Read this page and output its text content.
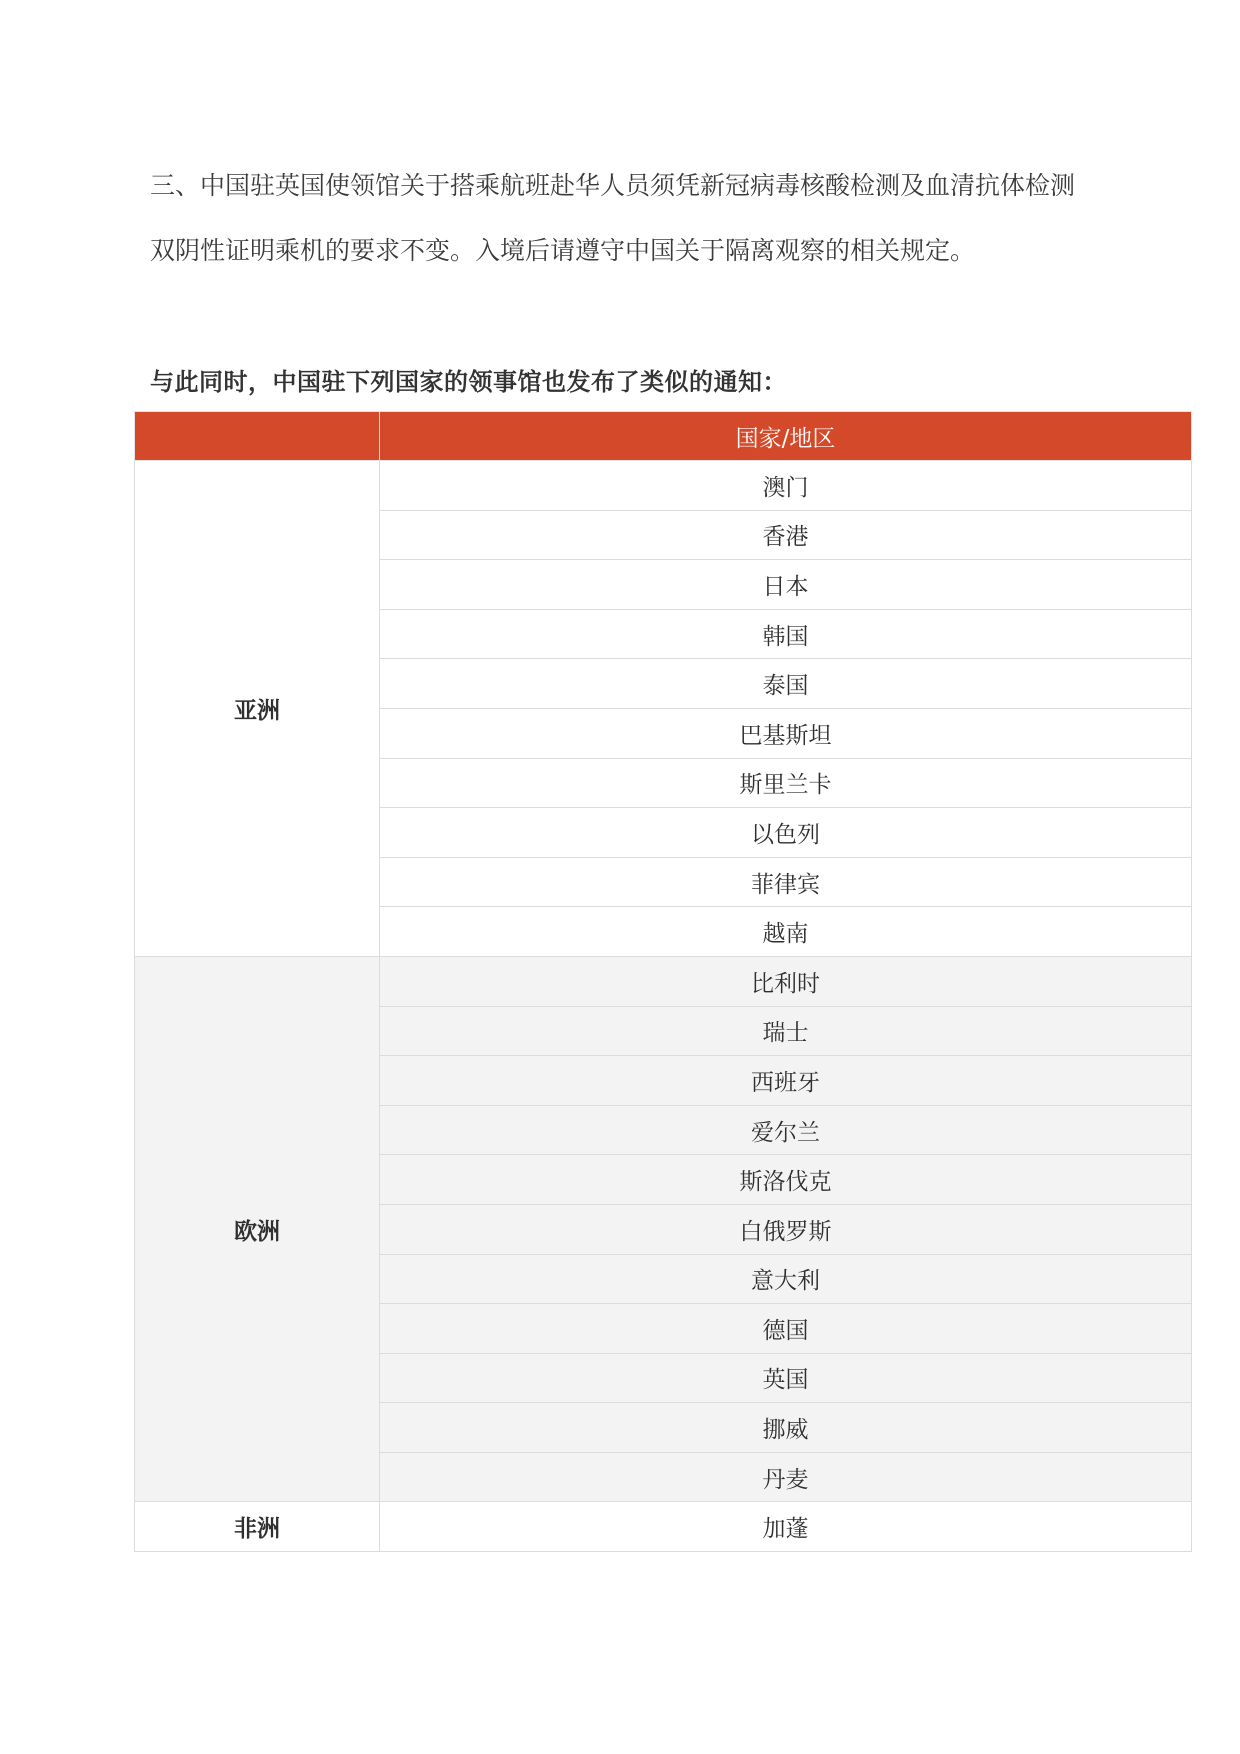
三、中国驻英国使领馆关于搭乘航班赴华人员须凭新冠病毒核酸检测及血清抗体检测

双阴性证明乘机的要求不变。入境后请遵守中国关于隔离观察的相关规定。

与此同时，中国驻下列国家的领事馆也发布了类似的通知：

	国家/地区
亚洲	澳门
	香港
	日本
	韩国
	泰国
	巴基斯坦
	斯里兰卡
	以色列
	菲律宾
	越南
欧洲	比利时
	瑞士
	西班牙
	爱尔兰
	斯洛伐克
	白俄罗斯
	意大利
	德国
	英国
	挪威
	丹麦
非洲	加蓬
